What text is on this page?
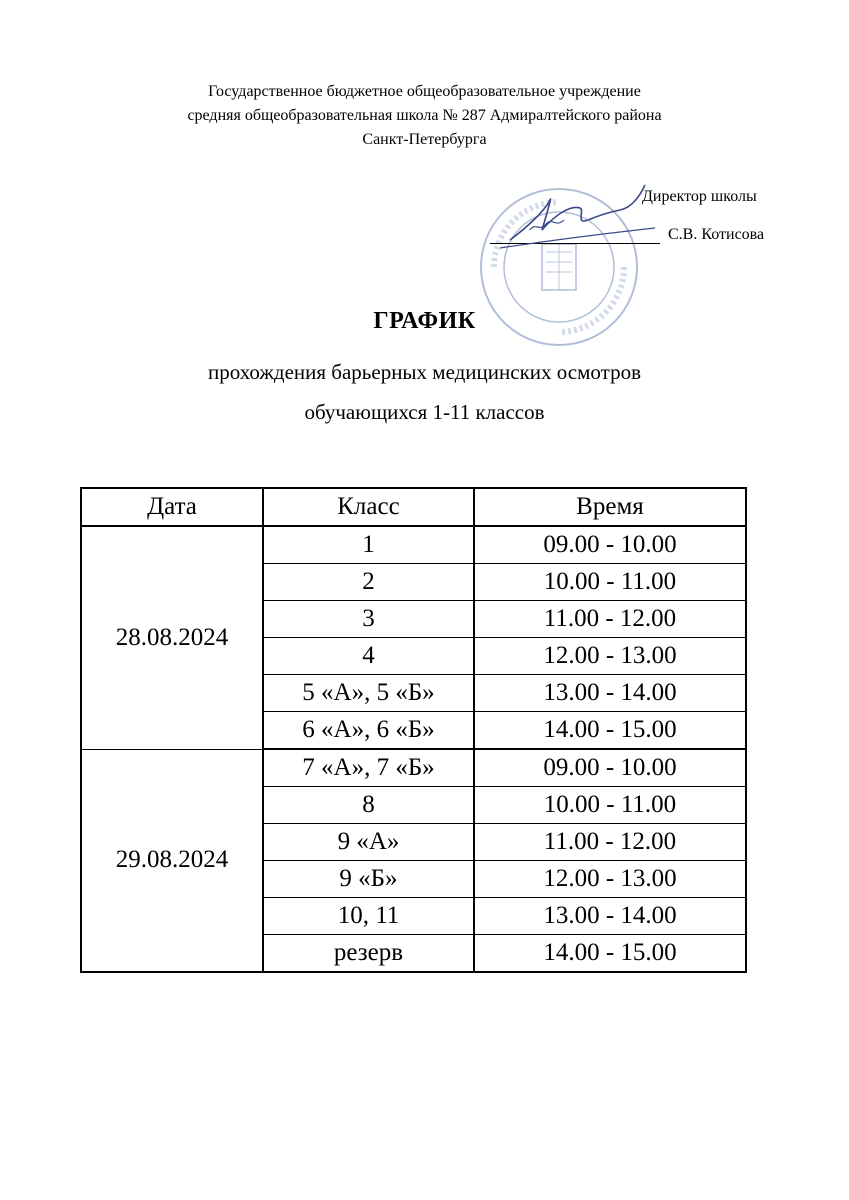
Государственное бюджетное общеобразовательное учреждение
средняя общеобразовательная школа № 287 Адмиралтейского района
Санкт-Петербурга
Директор школы
С.В. Котисова
ГРАФИК
прохождения барьерных медицинских осмотров
обучающихся 1-11 классов
Дата	Класс	Время
28.08.2024	1	09.00 - 10.00
	2	10.00 - 11.00
	3	11.00 - 12.00
	4	12.00 - 13.00
	5 «А», 5 «Б»	13.00 - 14.00
	6 «А», 6 «Б»	14.00 - 15.00
29.08.2024	7 «А», 7 «Б»	09.00 - 10.00
	8	10.00 - 11.00
	9 «А»	11.00 - 12.00
	9 «Б»	12.00 - 13.00
	10, 11	13.00 - 14.00
	резерв	14.00 - 15.00
